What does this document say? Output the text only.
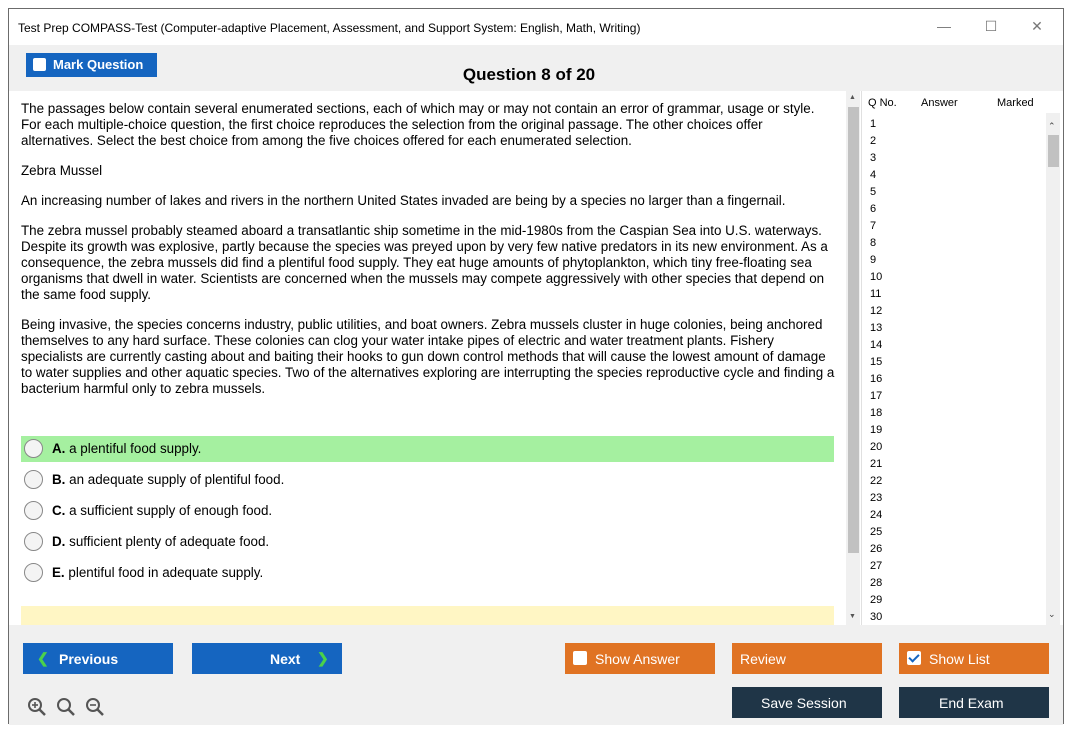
Test Prep COMPASS-Test (Computer-adaptive Placement, Assessment, and Support System: English, Math, Writing)	—	☐	✕
Mark Question
Question 8 of 20

The passages below contain several enumerated sections, each of which may or may not contain an error of grammar, usage or style. For each multiple-choice question, the first choice reproduces the selection from the original passage. The other choices offer alternatives. Select the best choice from among the five choices offered for each enumerated selection.

Zebra Mussel

An increasing number of lakes and rivers in the northern United States invaded are being by a species no larger than a fingernail.

The zebra mussel probably steamed aboard a transatlantic ship sometime in the mid-1980s from the Caspian Sea into U.S. waterways. Despite its growth was explosive, partly because the species was preyed upon by very few native predators in its new environment. As a consequence, the zebra mussels did find a plentiful food supply. They eat huge amounts of phytoplankton, which tiny free-floating sea organisms that dwell in water. Scientists are concerned when the mussels may compete aggressively with other species that depend on the same food supply.

Being invasive, the species concerns industry, public utilities, and boat owners. Zebra mussels cluster in huge colonies, being anchored themselves to any hard surface. These colonies can clog your water intake pipes of electric and water treatment plants. Fishery specialists are currently casting about and baiting their hooks to gun down control methods that will cause the lowest amount of damage to water supplies and other aquatic species. Two of the alternatives exploring are interrupting the species reproductive cycle and finding a bacterium harmful only to zebra mussels.

A. a plentiful food supply.
B. an adequate supply of plentiful food.
C. a sufficient supply of enough food.
D. sufficient plenty of adequate food.
E. plentiful food in adequate supply.
▲
▼
Q No. Answer	Marked
1
2
3
4
5
6
7
8
9
10
11
12
13
14
15
16
17
18
19
20
21
22
23
24
25
26
27
28
29
30
⌃
⌄
❮ Previous	Next ❯	Show Answer	Review	Show List
Save Session	End Exam
